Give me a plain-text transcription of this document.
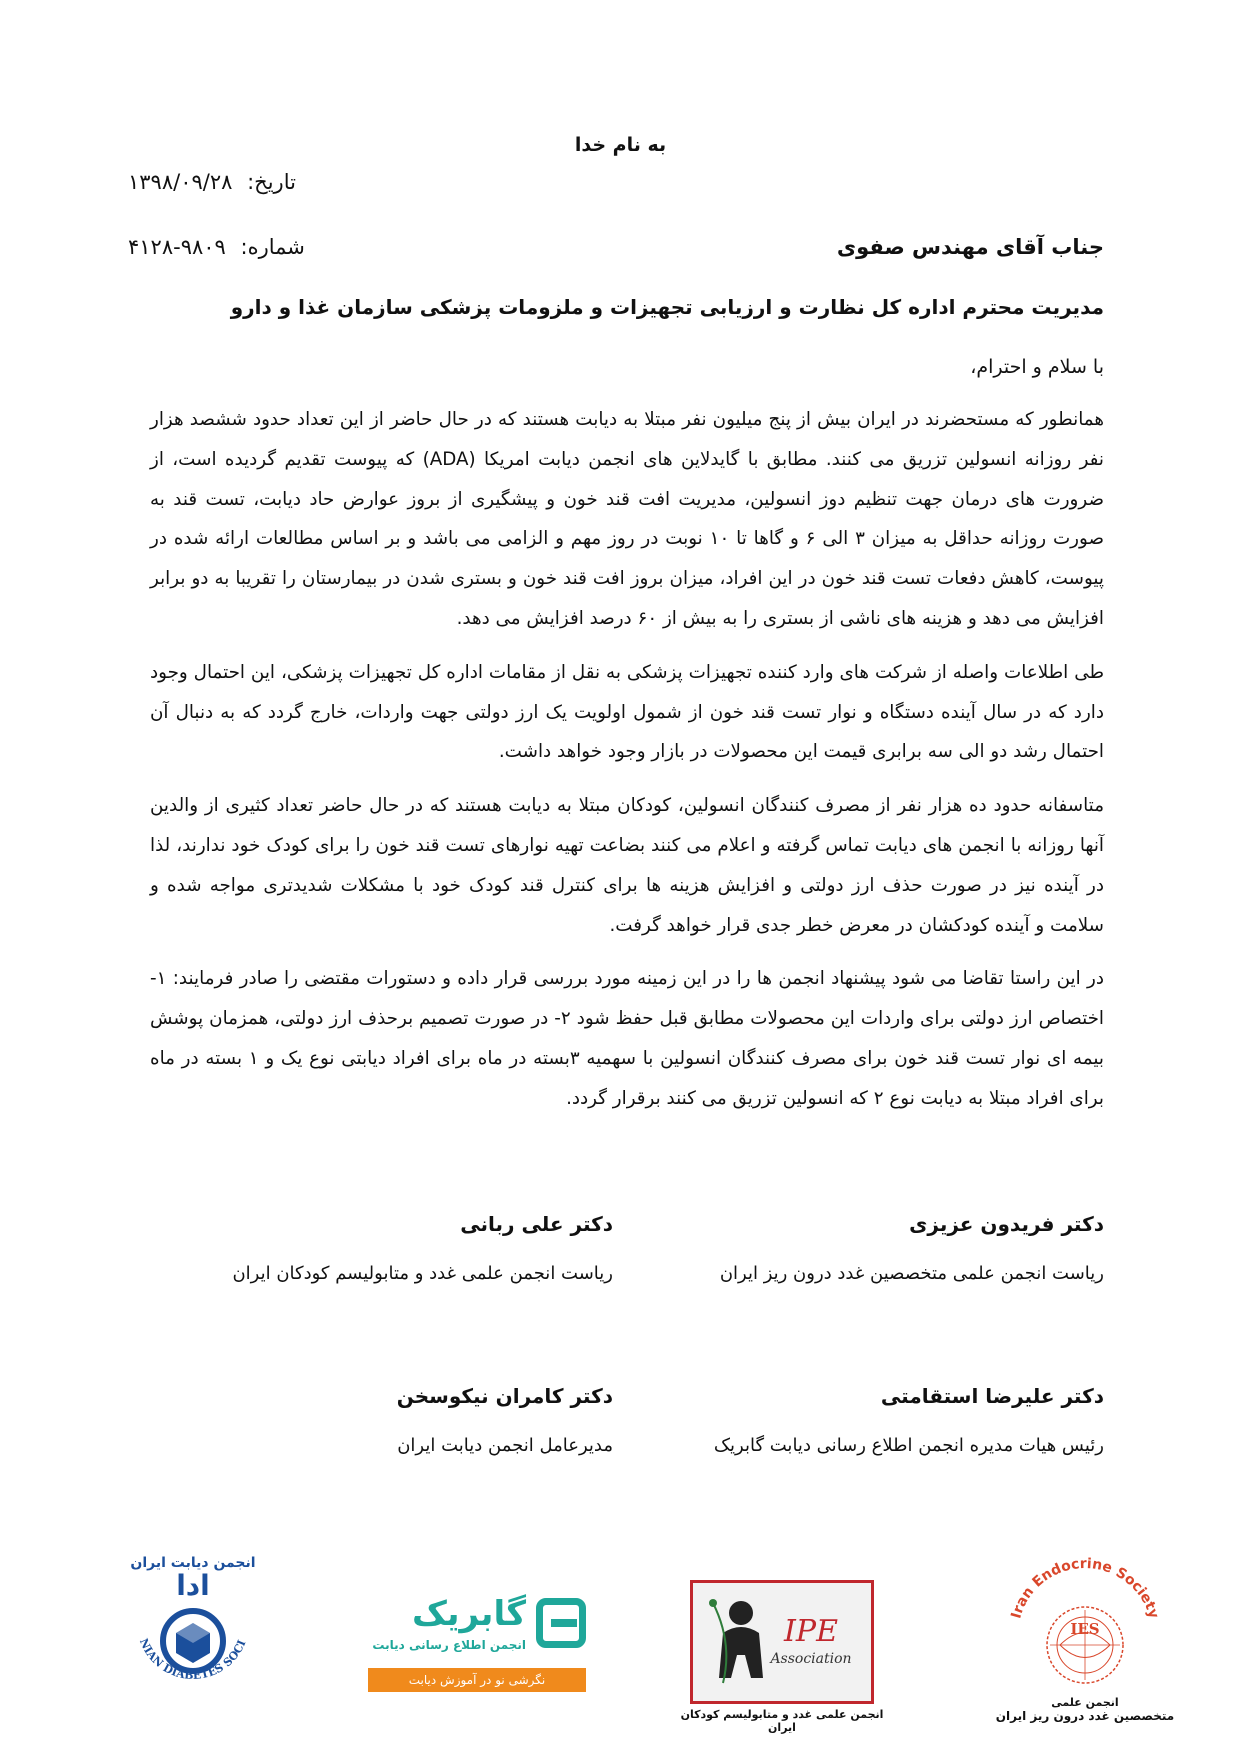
به نام خدا
تاریخ: ۱۳۹۸/۰۹/۲۸
شماره: ۹۸۰۹-۴۱۲۸	جناب آقای مهندس صفوی
مدیریت محترم اداره کل نظارت و ارزیابی تجهیزات و ملزومات پزشکی سازمان غذا و دارو
با سلام و احترام،

همانطور که مستحضرند در ایران بیش از پنج میلیون نفر مبتلا به دیابت هستند که در حال حاضر از این تعداد حدود ششصد هزار نفر روزانه انسولین تزریق می کنند. مطابق با گایدلاین های انجمن دیابت امریکا (ADA) که پیوست تقدیم گردیده است، از ضرورت های درمان جهت تنظیم دوز انسولین، مدیریت افت قند خون و پیشگیری از بروز عوارض حاد دیابت، تست قند به صورت روزانه حداقل به میزان ۳ الی ۶ و گاها تا ۱۰ نوبت در روز مهم و الزامی می باشد و بر اساس مطالعات ارائه شده در پیوست، کاهش دفعات تست قند خون در این افراد، میزان بروز افت قند خون و بستری شدن در بیمارستان را تقریبا به دو برابر افزایش می دهد و هزینه های ناشی از بستری را به بیش از ۶۰ درصد افزایش می دهد.

طی اطلاعات واصله از شرکت های وارد کننده تجهیزات پزشکی به نقل از مقامات اداره کل تجهیزات پزشکی، این احتمال وجود دارد که در سال آینده دستگاه و نوار تست قند خون از شمول اولویت یک ارز دولتی جهت واردات، خارج گردد که به دنبال آن احتمال رشد دو الی سه برابری قیمت این محصولات در بازار وجود خواهد داشت.

متاسفانه حدود ده هزار نفر از مصرف کنندگان انسولین، کودکان مبتلا به دیابت هستند که در حال حاضر تعداد کثیری از والدین آنها روزانه با انجمن های دیابت تماس گرفته و اعلام می کنند بضاعت تهیه نوارهای تست قند خون را برای کودک خود ندارند، لذا در آینده نیز در صورت حذف ارز دولتی و افزایش هزینه ها برای کنترل قند کودک خود با مشکلات شدیدتری مواجه شده و سلامت و آینده کودکشان در معرض خطر جدی قرار خواهد گرفت.

در این راستا تقاضا می شود پیشنهاد انجمن ها را در این زمینه مورد بررسی قرار داده و دستورات مقتضی را صادر فرمایند: ۱- اختصاص ارز دولتی برای واردات این محصولات مطابق قبل حفظ شود ۲- در صورت تصمیم برحذف ارز دولتی، همزمان پوشش بیمه ای نوار تست قند خون برای مصرف کنندگان انسولین با سهمیه ۳بسته در ماه برای افراد دیابتی نوع یک و ۱ بسته در ماه برای افراد مبتلا به دیابت نوع ۲ که انسولین تزریق می کنند برقرار گردد.

دکتر فریدون عزیزی
ریاست انجمن علمی متخصصین غدد درون ریز ایران
دکتر علی ربانی
ریاست انجمن علمی غدد و متابولیسم کودکان ایران
دکتر علیرضا استقامتی
رئیس هیات مدیره انجمن اطلاع رسانی دیابت گابریک
دکتر کامران نیکوسخن
مدیرعامل انجمن دیابت ایران
Iran Endocrine Society
IES
انجمن علمی
متخصصین غدد درون ریز ایران
IPE
Association
انجمن علمی غدد و متابولیسم کودکان ایران
گابریک
انجمن اطلاع رسانی دیابت
نگرشی نو در آموزش دیابت
انجمن دیابت ایران
ادا
NIAN DIABETES SOCI
